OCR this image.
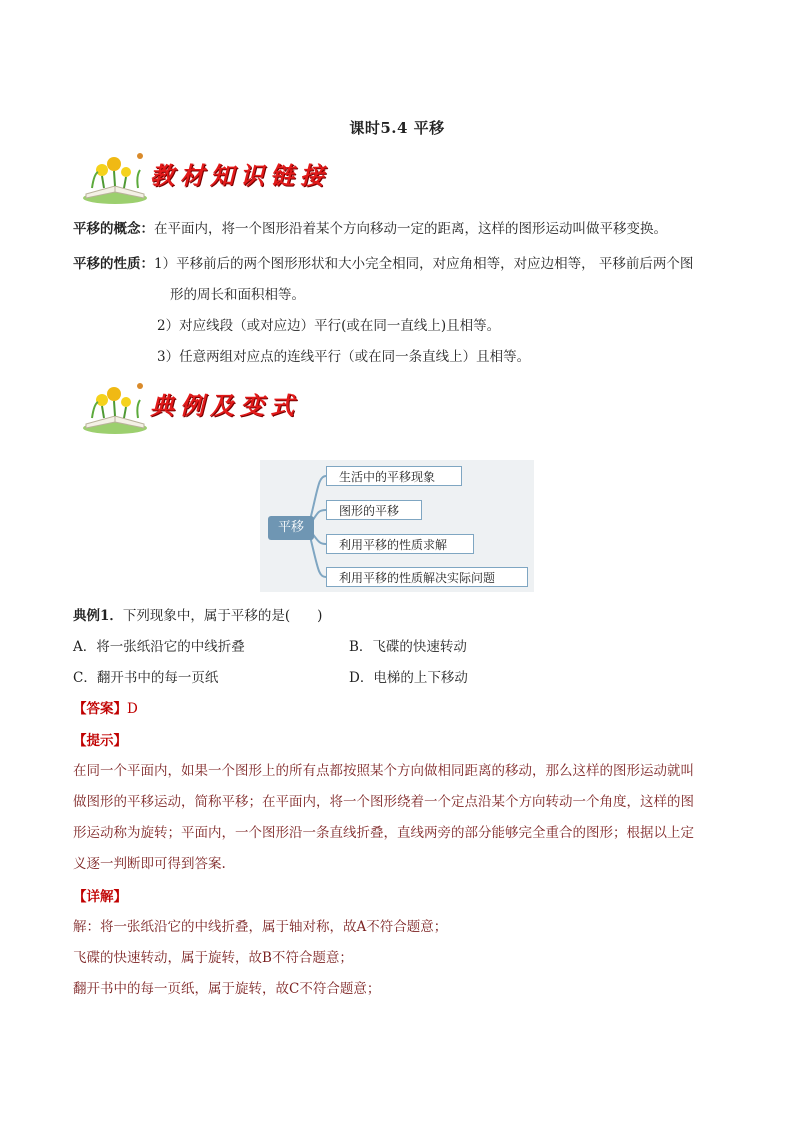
课时5.4 平移
教材知识链接
平移的概念：在平面内，将一个图形沿着某个方向移动一定的距离，这样的图形运动叫做平移变换。
平移的性质：1）平移前后的两个图形形状和大小完全相同，对应角相等，对应边相等， 平移前后两个图
形的周长和面积相等。
2）对应线段（或对应边）平行(或在同一直线上)且相等。
3）任意两组对应点的连线平行（或在同一条直线上）且相等。
典例及变式
平移
生活中的平移现象
图形的平移
利用平移的性质求解
利用平移的性质解决实际问题
典例1．下列现象中，属于平移的是(　　)
A．将一张纸沿它的中线折叠	B．飞碟的快速转动
C．翻开书中的每一页纸	D．电梯的上下移动
【答案】D
【提示】
在同一个平面内，如果一个图形上的所有点都按照某个方向做相同距离的移动，那么这样的图形运动就叫
做图形的平移运动，简称平移；在平面内，将一个图形绕着一个定点沿某个方向转动一个角度，这样的图
形运动称为旋转；平面内，一个图形沿一条直线折叠，直线两旁的部分能够完全重合的图形；根据以上定
义逐一判断即可得到答案.
【详解】
解：将一张纸沿它的中线折叠，属于轴对称，故A不符合题意；
飞碟的快速转动，属于旋转，故B不符合题意；
翻开书中的每一页纸，属于旋转，故C不符合题意；
